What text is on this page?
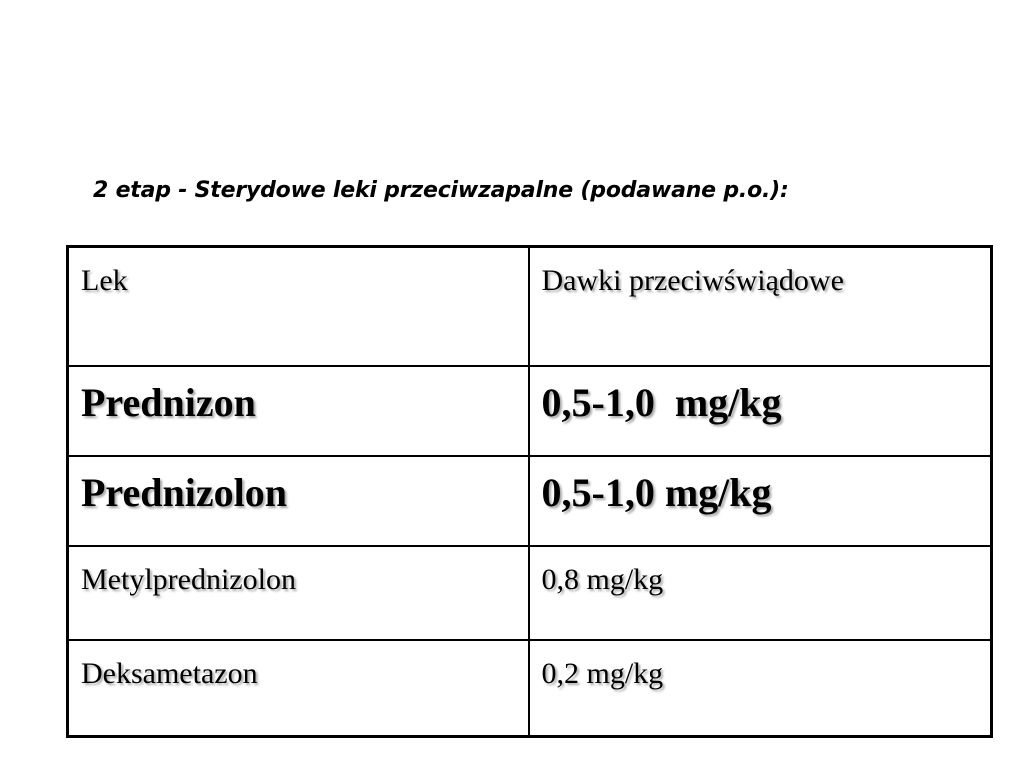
2 etap - Sterydowe leki przeciwzapalne (podawane p.o.):
Lek	Dawki przeciwświądowe
Prednizon	0,5-1,0  mg/kg
Prednizolon	0,5-1,0 mg/kg
Metylprednizolon	0,8 mg/kg
Deksametazon	0,2 mg/kg
